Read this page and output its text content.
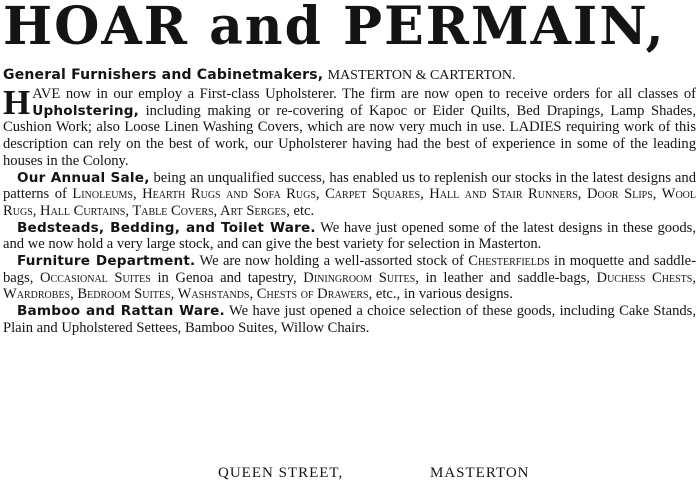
HOAR and PERMAIN,
General Furnishers and Cabinetmakers, MASTERTON & CARTERTON.

HAVE now in our employ a First-class Upholsterer. The firm are now open to receive orders for all classes of Upholstering, including making or re-covering of Kapoc or Eider Quilts, Bed Drapings, Lamp Shades, Cushion Work; also Loose Linen Washing Covers, which are now very much in use. LADIES requiring work of this description can rely on the best of work, our Upholsterer having had the best of experience in some of the leading houses in the Colony.

Our Annual Sale, being an unqualified success, has enabled us to replenish our stocks in the latest designs and patterns of Linoleums, Hearth Rugs and Sofa Rugs, Carpet Squares, Hall and Stair Runners, Door Slips, Wool Rugs, Hall Curtains, Table Covers, Art Serges, etc.

Bedsteads, Bedding, and Toilet Ware. We have just opened some of the latest designs in these goods, and we now hold a very large stock, and can give the best variety for selection in Masterton.

Furniture Department. We are now holding a well-assorted stock of Chesterfields in moquette and saddle-bags, Occasional Suites in Genoa and tapestry, Diningroom Suites, in leather and saddle-bags, Duchess Chests, Wardrobes, Bedroom Suites, Washstands, Chests of Drawers, etc., in various designs.

Bamboo and Rattan Ware. We have just opened a choice selection of these goods, including Cake Stands, Plain and Upholstered Settees, Bamboo Suites, Willow Chairs.

QUEEN STREET,	MASTERTON
